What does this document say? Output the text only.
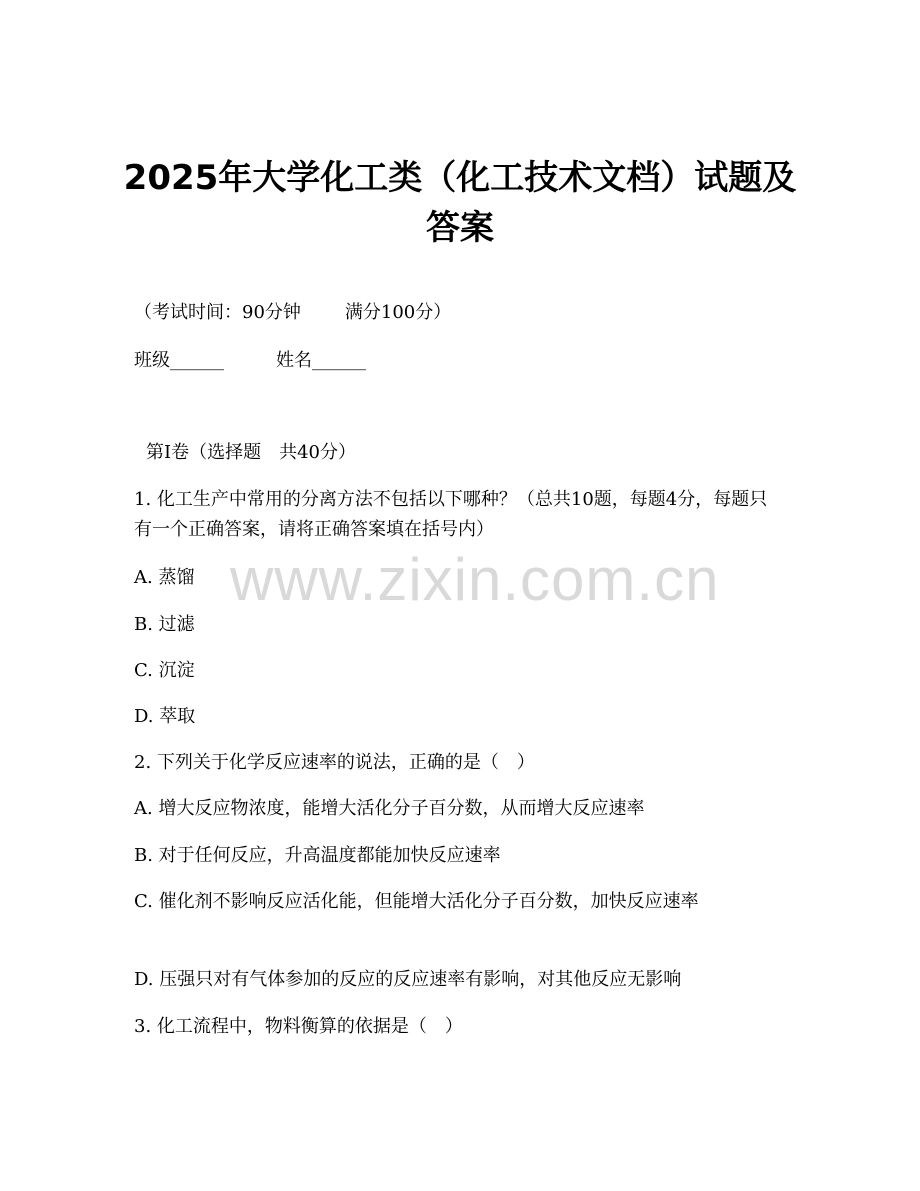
2025年大学化工类（化工技术文档）试题及
答案
（考试时间：90分钟 满分100分）
班级______	姓名______
第I卷（选择题　共40分）
1. 化工生产中常用的分离方法不包括以下哪种？（总共10题，每题4分，每题只有一个正确答案，请将正确答案填在括号内）
A. 蒸馏
B. 过滤
C. 沉淀
D. 萃取
2. 下列关于化学反应速率的说法，正确的是（　）
A. 增大反应物浓度，能增大活化分子百分数，从而增大反应速率
B. 对于任何反应，升高温度都能加快反应速率
C. 催化剂不影响反应活化能，但能增大活化分子百分数，加快反应速率
D. 压强只对有气体参加的反应的反应速率有影响，对其他反应无影响
3. 化工流程中，物料衡算的依据是（　）
www.zixin.com.cn
